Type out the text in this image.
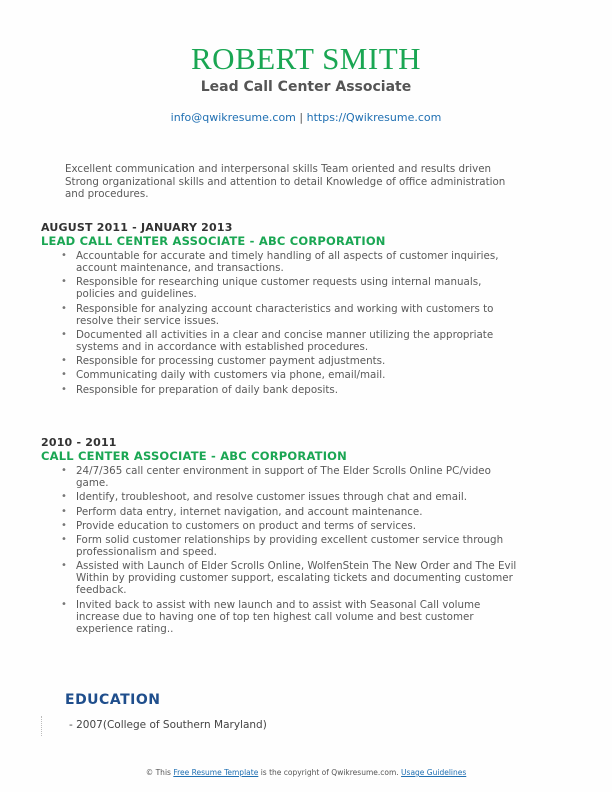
ROBERT SMITH
Lead Call Center Associate
info@qwikresume.com | https://Qwikresume.com
Excellent communication and interpersonal skills Team oriented and results driven Strong organizational skills and attention to detail Knowledge of office administration and procedures.
AUGUST 2011 - JANUARY 2013
LEAD CALL CENTER ASSOCIATE - ABC CORPORATION
• Accountable for accurate and timely handling of all aspects of customer inquiries, account maintenance, and transactions.
• Responsible for researching unique customer requests using internal manuals, policies and guidelines.
• Responsible for analyzing account characteristics and working with customers to resolve their service issues.
• Documented all activities in a clear and concise manner utilizing the appropriate systems and in accordance with established procedures.
• Responsible for processing customer payment adjustments.
• Communicating daily with customers via phone, email/mail.
• Responsible for preparation of daily bank deposits.
2010 - 2011
CALL CENTER ASSOCIATE - ABC CORPORATION
• 24/7/365 call center environment in support of The Elder Scrolls Online PC/video game.
• Identify, troubleshoot, and resolve customer issues through chat and email.
• Perform data entry, internet navigation, and account maintenance.
• Provide education to customers on product and terms of services.
• Form solid customer relationships by providing excellent customer service through professionalism and speed.
• Assisted with Launch of Elder Scrolls Online, WolfenStein The New Order and The Evil Within by providing customer support, escalating tickets and documenting customer feedback.
• Invited back to assist with new launch and to assist with Seasonal Call volume increase due to having one of top ten highest call volume and best customer experience rating..
EDUCATION
- 2007(College of Southern Maryland)
© This Free Resume Template is the copyright of Qwikresume.com. Usage Guidelines
